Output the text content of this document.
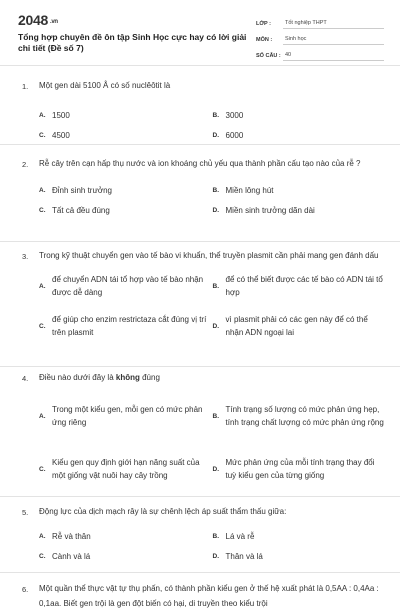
2048 $^{.vn}$
Tổng hợp chuyên đề ôn tập Sinh Học cực hay có lời giải chi tiết (Đề số 7)
LỚP :	Tốt nghiệp THPT
MÔN :	Sinh học
SỐ CÂU : 40
1. Một gen dài 5100 Å có số nuclêôtit là
A. 1500	B. 3000
C. 4500	D. 6000
2. Rễ cây trên cạn hấp thụ nước và ion khoáng chủ yếu qua thành phần cấu tạo nào của rễ ?
A. Đỉnh sinh trưởng	B. Miền lông hút
C. Tất cả đều đúng	D. Miền sinh trưởng dãn dài
3. Trong kỹ thuật chuyển gen vào tế bào vi khuẩn, thể truyền plasmit cần phải mang gen đánh dấu
A.
để chuyển ADN tái tổ hợp vào tế bào nhận được dễ dàng
B.
để có thể biết được các tế bào có ADN tái tổ hợp
C.
để giúp cho enzim restrictaza cắt đúng vị trí trên plasmit
D.
vì plasmit phải có các gen này để có thể nhận ADN ngoại lai
4. Điều nào dưới đây là không đúng
A.
Trong một kiểu gen, mỗi gen có mức phản ứng riêng
B.
Tính trạng số lượng có mức phản ứng hẹp, tính trạng chất lượng có mức phản ứng rộng
C.
Kiểu gen quy định giới hạn năng suất của một giống vật nuôi hay cây trồng
D.
Mức phản ứng của mỗi tính trạng thay đổi tuỳ kiểu gen của từng giống
5. Động lực của dịch mạch rây là sự chênh lệch áp suất thẩm thấu giữa:
A. Rễ và thân	B. Lá và rễ
C. Cành và lá	D. Thân và lá
6. Một quần thể thực vật tự thụ phấn, có thành phần kiểu gen ở thế hệ xuất phát là 0,5AA : 0,4Aa : 0,1aa. Biết gen trội là gen đột biến có hại, di truyền theo kiểu trội
